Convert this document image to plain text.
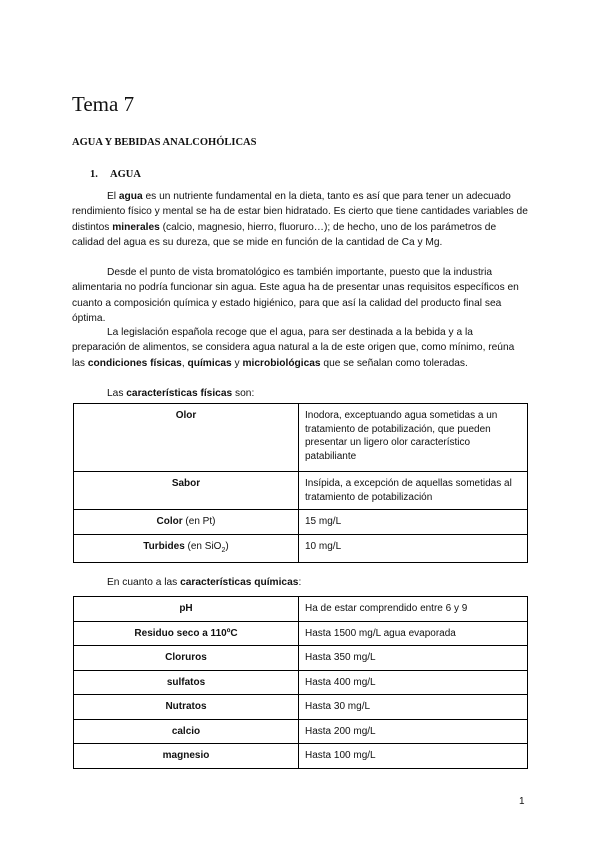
Tema 7
AGUA Y BEBIDAS ANALCOHÓLICAS
1. AGUA

El agua es un nutriente fundamental en la dieta, tanto es así que para tener un adecuado rendimiento físico y mental se ha de estar bien hidratado. Es cierto que tiene cantidades variables de distintos minerales (calcio, magnesio, hierro, fluoruro…); de hecho, uno de los parámetros de calidad del agua es su dureza, que se mide en función de la cantidad de Ca y Mg.

Desde el punto de vista bromatológico es también importante, puesto que la industria alimentaria no podría funcionar sin agua. Este agua ha de presentar unas requisitos específicos en cuanto a composición química y estado higiénico, para que así la calidad del producto final sea óptima.

La legislación española recoge que el agua, para ser destinada a la bebida y a la preparación de alimentos, se considera agua natural a la de este origen que, como mínimo, reúna las condiciones físicas, químicas y microbiológicas que se señalan como toleradas.

Las características físicas son:

Olor	Inodora, exceptuando agua sometidas a un tratamiento de potabilización, que pueden presentar un ligero olor característico patabiliante
Sabor	Insípida, a excepción de aquellas sometidas al tratamiento de potabilización
Color (en Pt)	15 mg/L
Turbides (en SiO$_2$)	10 mg/L

En cuanto a las características químicas:

pH	Ha de estar comprendido entre 6 y 9
Residuo seco a 110ºC	Hasta 1500 mg/L agua evaporada
Cloruros	Hasta 350 mg/L
sulfatos	Hasta 400 mg/L
Nutratos	Hasta 30 mg/L
calcio	Hasta 200 mg/L
magnesio	Hasta 100 mg/L
1
